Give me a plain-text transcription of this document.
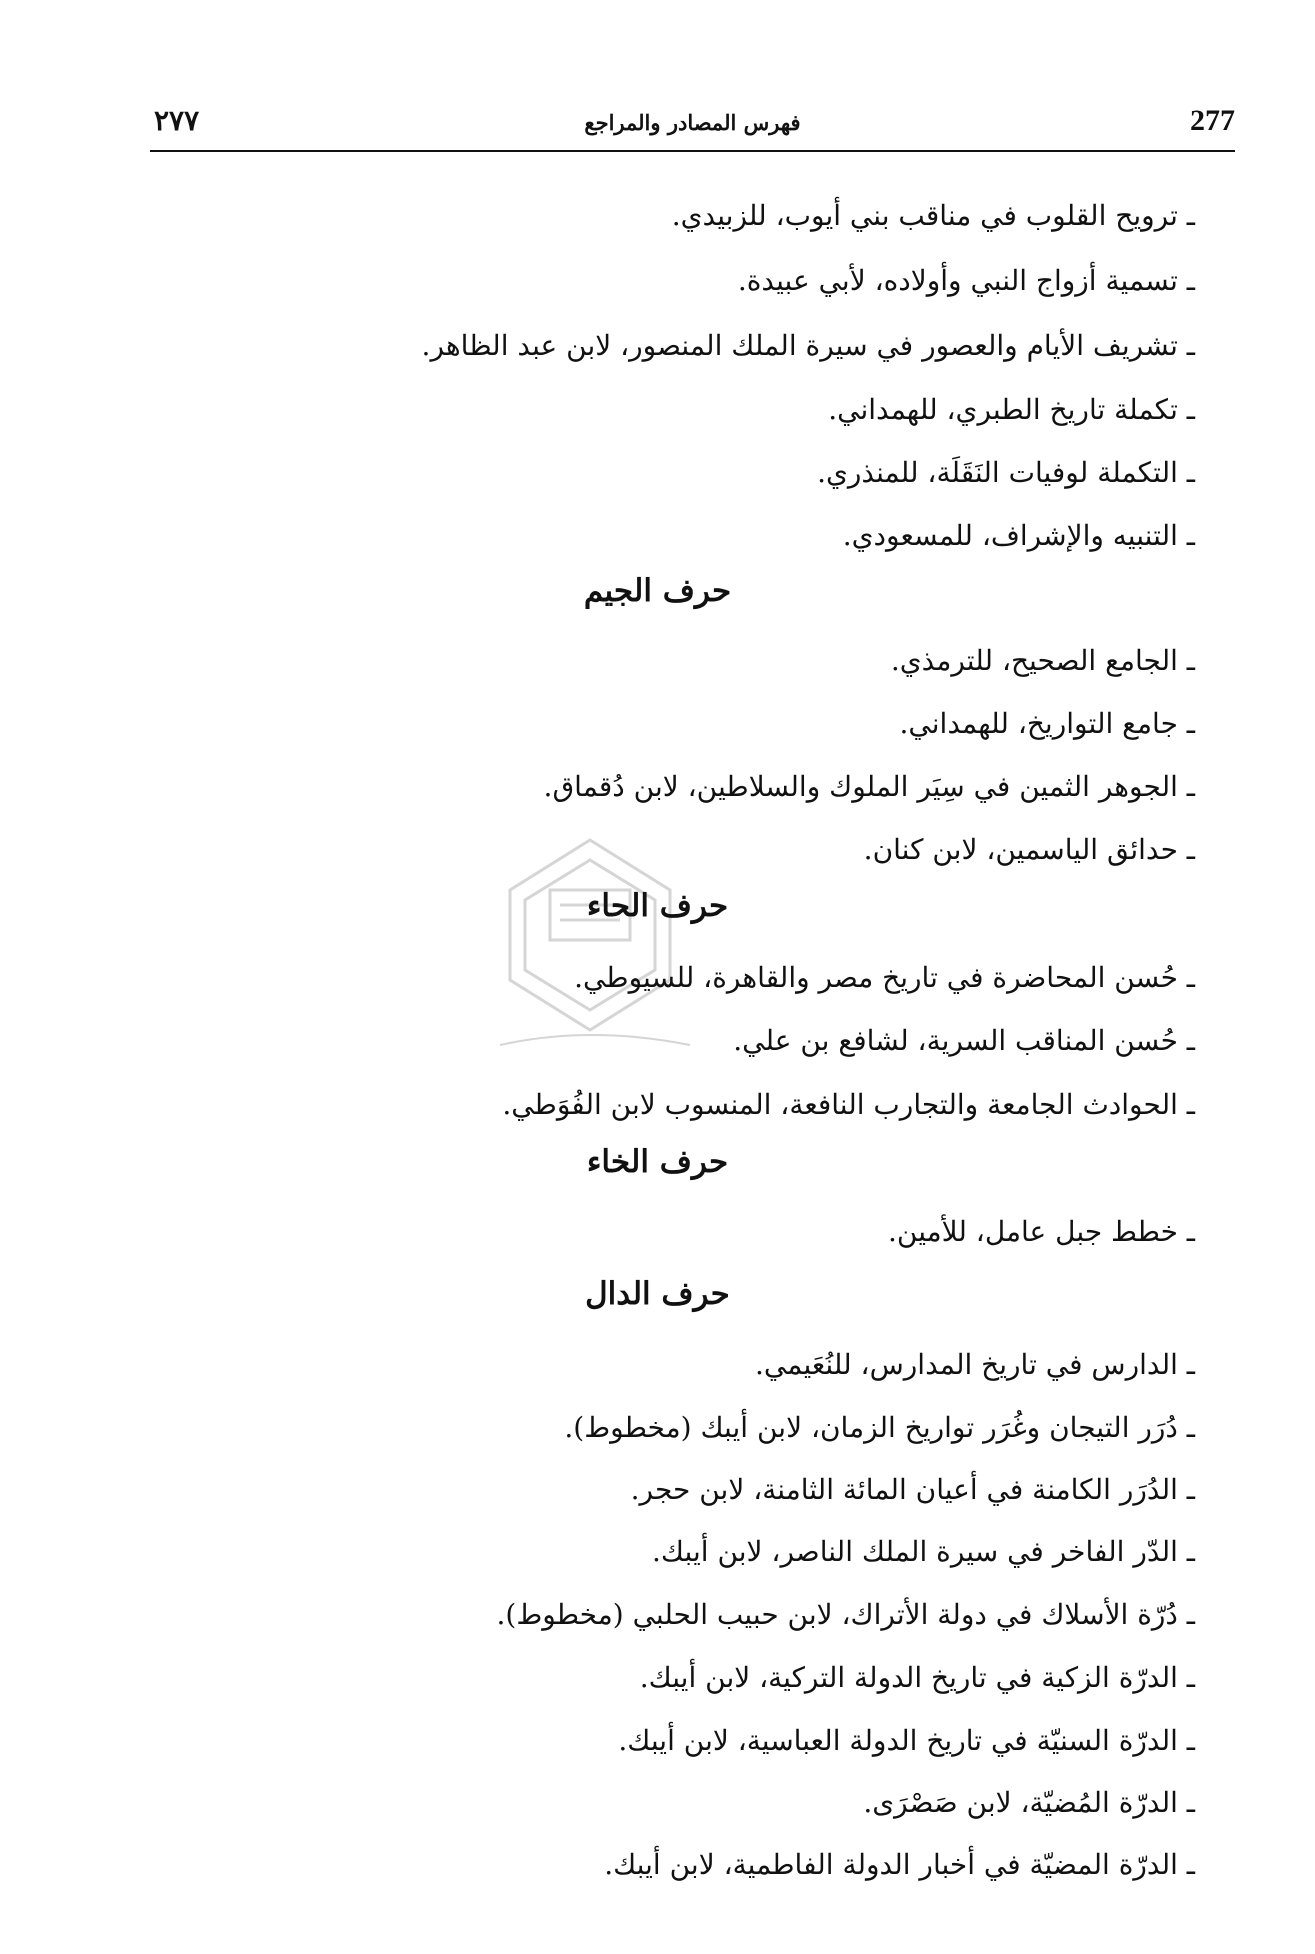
277
فهرس المصادر والمراجع
٢٧٧
ـ ترويح القلوب في مناقب بني أيوب، للزبيدي.
ـ تسمية أزواج النبي وأولاده، لأبي عبيدة.
ـ تشريف الأيام والعصور في سيرة الملك المنصور، لابن عبد الظاهر.
ـ تكملة تاريخ الطبري، للهمداني.
ـ التكملة لوفيات النَقَلَة، للمنذري.
ـ التنبيه والإشراف، للمسعودي.
حرف الجيم
ـ الجامع الصحيح، للترمذي.
ـ جامع التواريخ، للهمداني.
ـ الجوهر الثمين في سِيَر الملوك والسلاطين، لابن دُقماق.
ـ حدائق الياسمين، لابن كنان.
حرف الحاء
ـ حُسن المحاضرة في تاريخ مصر والقاهرة، للسيوطي.
ـ حُسن المناقب السرية، لشافع بن علي.
ـ الحوادث الجامعة والتجارب النافعة، المنسوب لابن الفُوَطي.
حرف الخاء
ـ خطط جبل عامل، للأمين.
حرف الدال
ـ الدارس في تاريخ المدارس، للنُعَيمي.
ـ دُرَر التيجان وغُرَر تواريخ الزمان، لابن أيبك (مخطوط).
ـ الدُرَر الكامنة في أعيان المائة الثامنة، لابن حجر.
ـ الدّر الفاخر في سيرة الملك الناصر، لابن أيبك.
ـ دُرّة الأسلاك في دولة الأتراك، لابن حبيب الحلبي (مخطوط).
ـ الدرّة الزكية في تاريخ الدولة التركية، لابن أيبك.
ـ الدرّة السنيّة في تاريخ الدولة العباسية، لابن أيبك.
ـ الدرّة المُضيّة، لابن صَصْرَى.
ـ الدرّة المضيّة في أخبار الدولة الفاطمية، لابن أيبك.
